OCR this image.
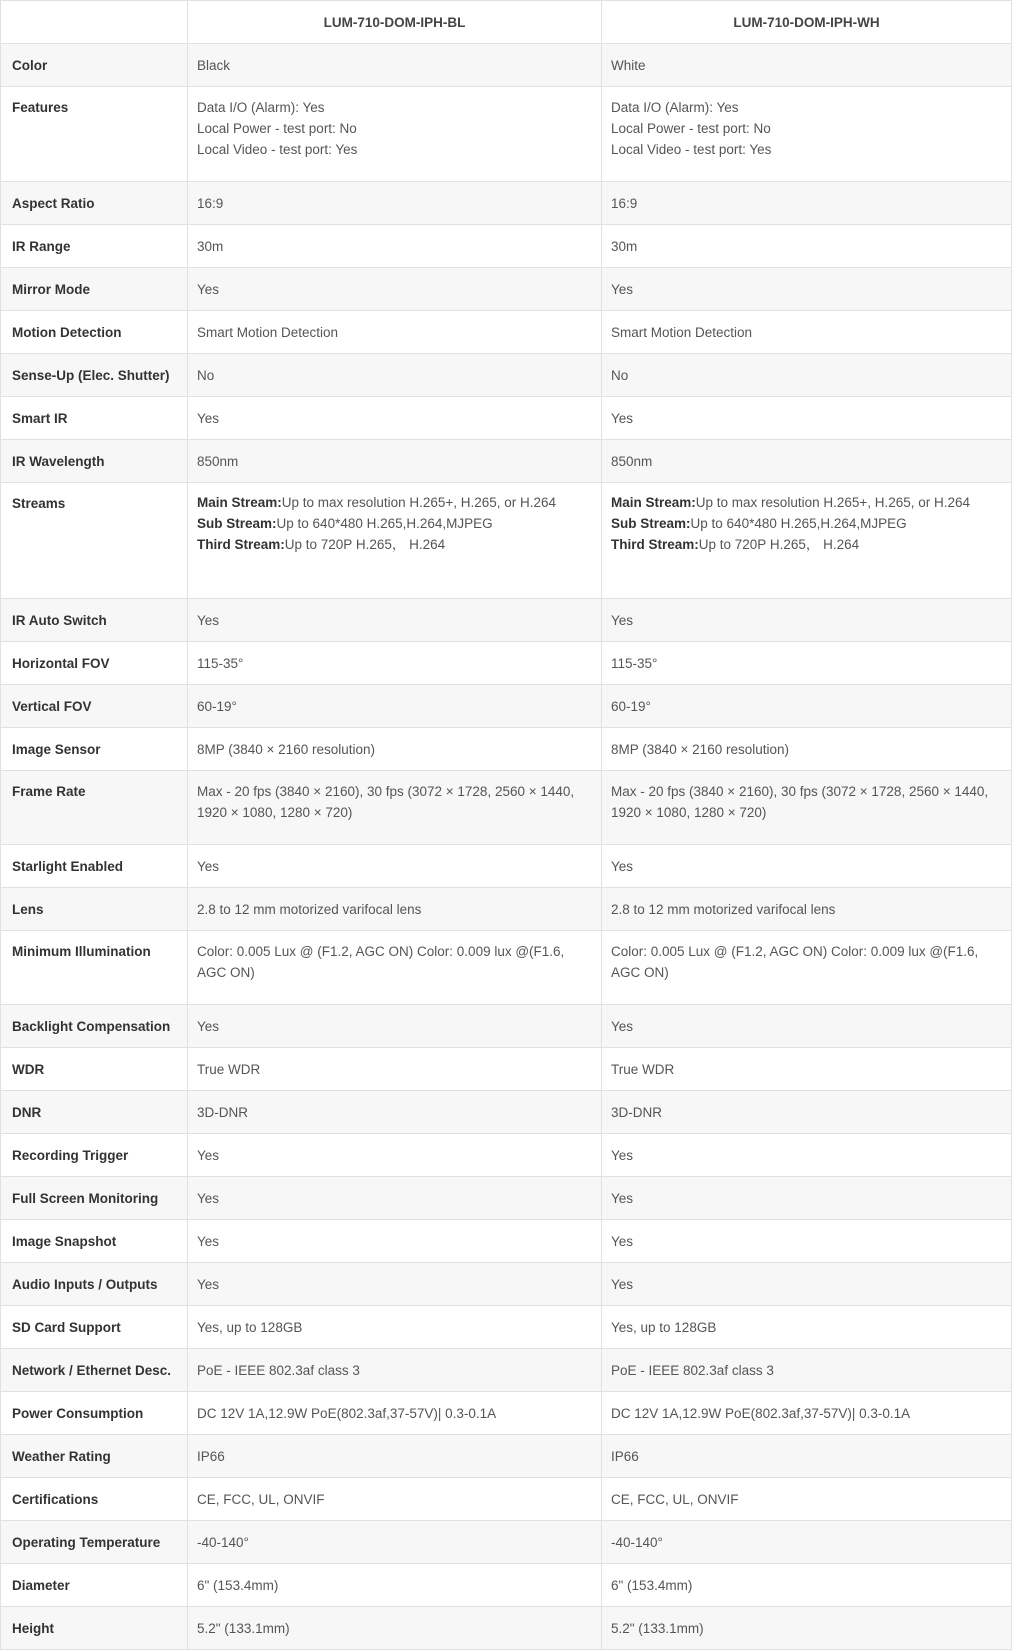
	LUM-710-DOM-IPH-BL	LUM-710-DOM-IPH-WH
Color	Black	White
Features	Data I/O (Alarm): Yes
Local Power - test port: No
Local Video - test port: Yes	Data I/O (Alarm): Yes
Local Power - test port: No
Local Video - test port: Yes

Aspect Ratio	16:9	16:9
IR Range	30m	30m
Mirror Mode	Yes	Yes
Motion Detection	Smart Motion Detection	Smart Motion Detection
Sense-Up (Elec. Shutter)	No	No
Smart IR	Yes	Yes
IR Wavelength	850nm	850nm
Streams	Main Stream:Up to max resolution H.265+, H.265, or H.264
Sub Stream:Up to 640*480 H.265,H.264,MJPEG
Third Stream:Up to 720P H.265， H.264	Main Stream:Up to max resolution H.265+, H.265, or H.264
Sub Stream:Up to 640*480 H.265,H.264,MJPEG
Third Stream:Up to 720P H.265， H.264

IR Auto Switch	Yes	Yes
Horizontal FOV	115-35°	115-35°
Vertical FOV	60-19°	60-19°
Image Sensor	8MP (3840 × 2160 resolution)	8MP (3840 × 2160 resolution)
Frame Rate	Max - 20 fps (3840 × 2160), 30 fps (3072 × 1728, 2560 × 1440, 1920 × 1080, 1280 × 720)	Max - 20 fps (3840 × 2160), 30 fps (3072 × 1728, 2560 × 1440, 1920 × 1080, 1280 × 720)
Starlight Enabled	Yes	Yes
Lens	2.8 to 12 mm motorized varifocal lens	2.8 to 12 mm motorized varifocal lens
Minimum Illumination	Color: 0.005 Lux @ (F1.2, AGC ON) Color: 0.009 lux @(F1.6, AGC ON)	Color: 0.005 Lux @ (F1.2, AGC ON) Color: 0.009 lux @(F1.6, AGC ON)
Backlight Compensation	Yes	Yes
WDR	True WDR	True WDR
DNR	3D-DNR	3D-DNR
Recording Trigger	Yes	Yes
Full Screen Monitoring	Yes	Yes
Image Snapshot	Yes	Yes
Audio Inputs / Outputs	Yes	Yes
SD Card Support	Yes, up to 128GB	Yes, up to 128GB
Network / Ethernet Desc.	PoE - IEEE 802.3af class 3	PoE - IEEE 802.3af class 3
Power Consumption	DC 12V 1A,12.9W PoE(802.3af,37-57V)| 0.3-0.1A	DC 12V 1A,12.9W PoE(802.3af,37-57V)| 0.3-0.1A
Weather Rating	IP66	IP66
Certifications	CE, FCC, UL, ONVIF	CE, FCC, UL, ONVIF
Operating Temperature	-40-140°	-40-140°
Diameter	6" (153.4mm)	6" (153.4mm)
Height	5.2" (133.1mm)	5.2" (133.1mm)
